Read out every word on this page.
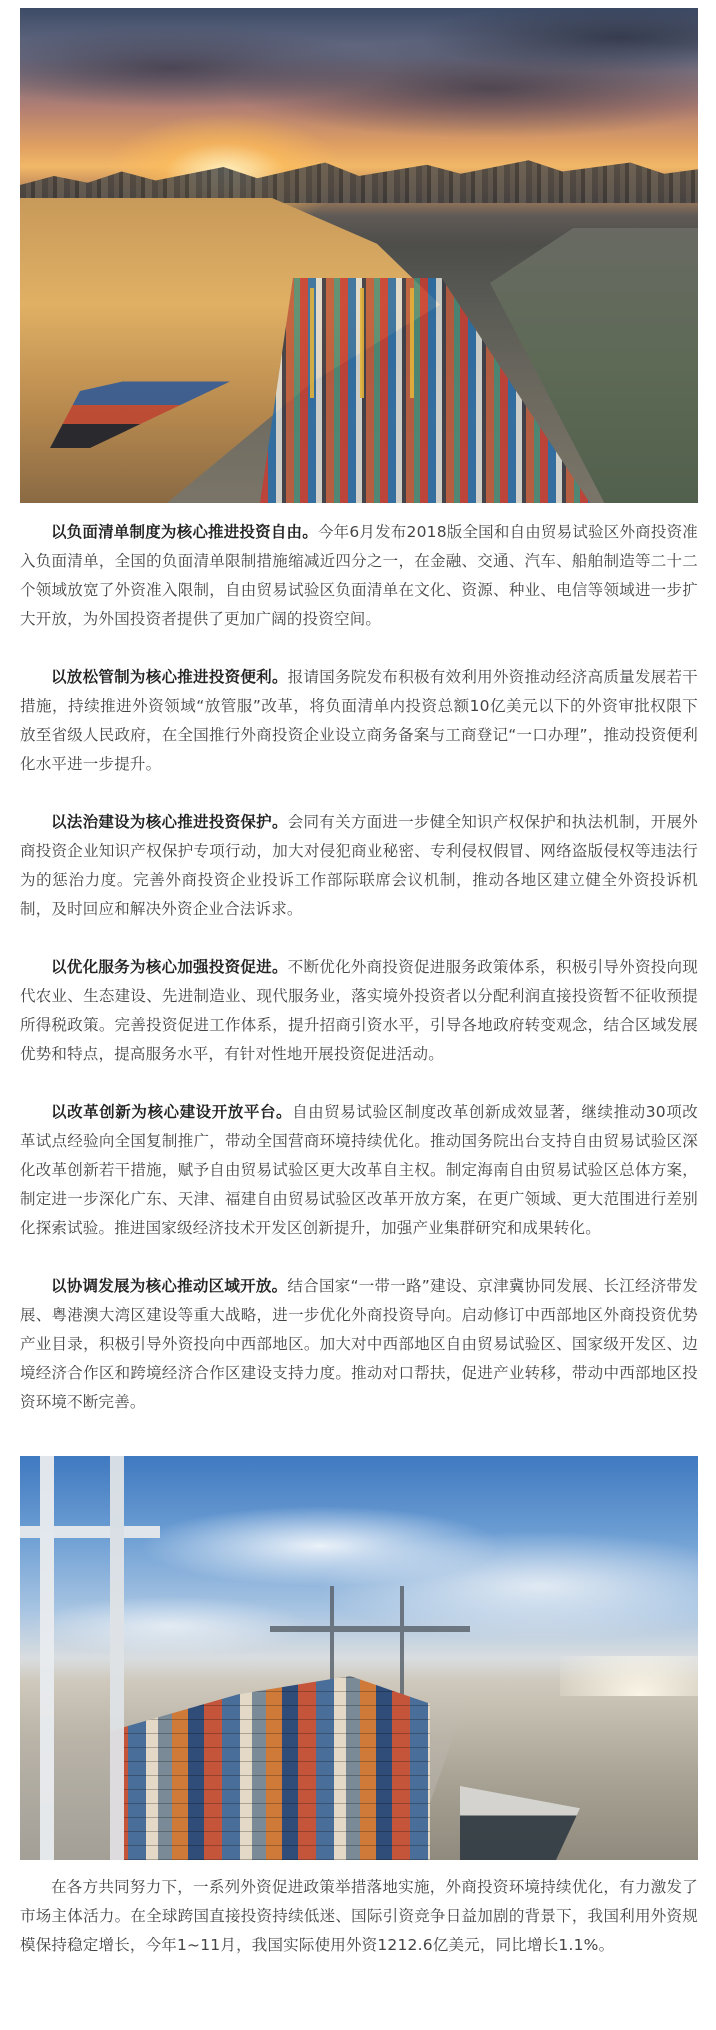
以负面清单制度为核心推进投资自由。今年6月发布2018版全国和自由贸易试验区外商投资准入负面清单，全国的负面清单限制措施缩减近四分之一，在金融、交通、汽车、船舶制造等二十二个领域放宽了外资准入限制，自由贸易试验区负面清单在文化、资源、种业、电信等领域进一步扩大开放，为外国投资者提供了更加广阔的投资空间。

以放松管制为核心推进投资便利。报请国务院发布积极有效利用外资推动经济高质量发展若干措施，持续推进外资领域“放管服”改革，将负面清单内投资总额10亿美元以下的外资审批权限下放至省级人民政府，在全国推行外商投资企业设立商务备案与工商登记“一口办理”，推动投资便利化水平进一步提升。

以法治建设为核心推进投资保护。会同有关方面进一步健全知识产权保护和执法机制，开展外商投资企业知识产权保护专项行动，加大对侵犯商业秘密、专利侵权假冒、网络盗版侵权等违法行为的惩治力度。完善外商投资企业投诉工作部际联席会议机制，推动各地区建立健全外资投诉机制，及时回应和解决外资企业合法诉求。

以优化服务为核心加强投资促进。不断优化外商投资促进服务政策体系，积极引导外资投向现代农业、生态建设、先进制造业、现代服务业，落实境外投资者以分配利润直接投资暂不征收预提所得税政策。完善投资促进工作体系，提升招商引资水平，引导各地政府转变观念，结合区域发展优势和特点，提高服务水平，有针对性地开展投资促进活动。

以改革创新为核心建设开放平台。自由贸易试验区制度改革创新成效显著，继续推动30项改革试点经验向全国复制推广，带动全国营商环境持续优化。推动国务院出台支持自由贸易试验区深化改革创新若干措施，赋予自由贸易试验区更大改革自主权。制定海南自由贸易试验区总体方案，制定进一步深化广东、天津、福建自由贸易试验区改革开放方案，在更广领域、更大范围进行差别化探索试验。推进国家级经济技术开发区创新提升，加强产业集群研究和成果转化。

以协调发展为核心推动区域开放。结合国家“一带一路”建设、京津冀协同发展、长江经济带发展、粤港澳大湾区建设等重大战略，进一步优化外商投资导向。启动修订中西部地区外商投资优势产业目录，积极引导外资投向中西部地区。加大对中西部地区自由贸易试验区、国家级开发区、边境经济合作区和跨境经济合作区建设支持力度。推动对口帮扶，促进产业转移，带动中西部地区投资环境不断完善。

在各方共同努力下，一系列外资促进政策举措落地实施，外商投资环境持续优化，有力激发了市场主体活力。在全球跨国直接投资持续低迷、国际引资竞争日益加剧的背景下，我国利用外资规模保持稳定增长，今年1~11月，我国实际使用外资1212.6亿美元，同比增长1.1%。
